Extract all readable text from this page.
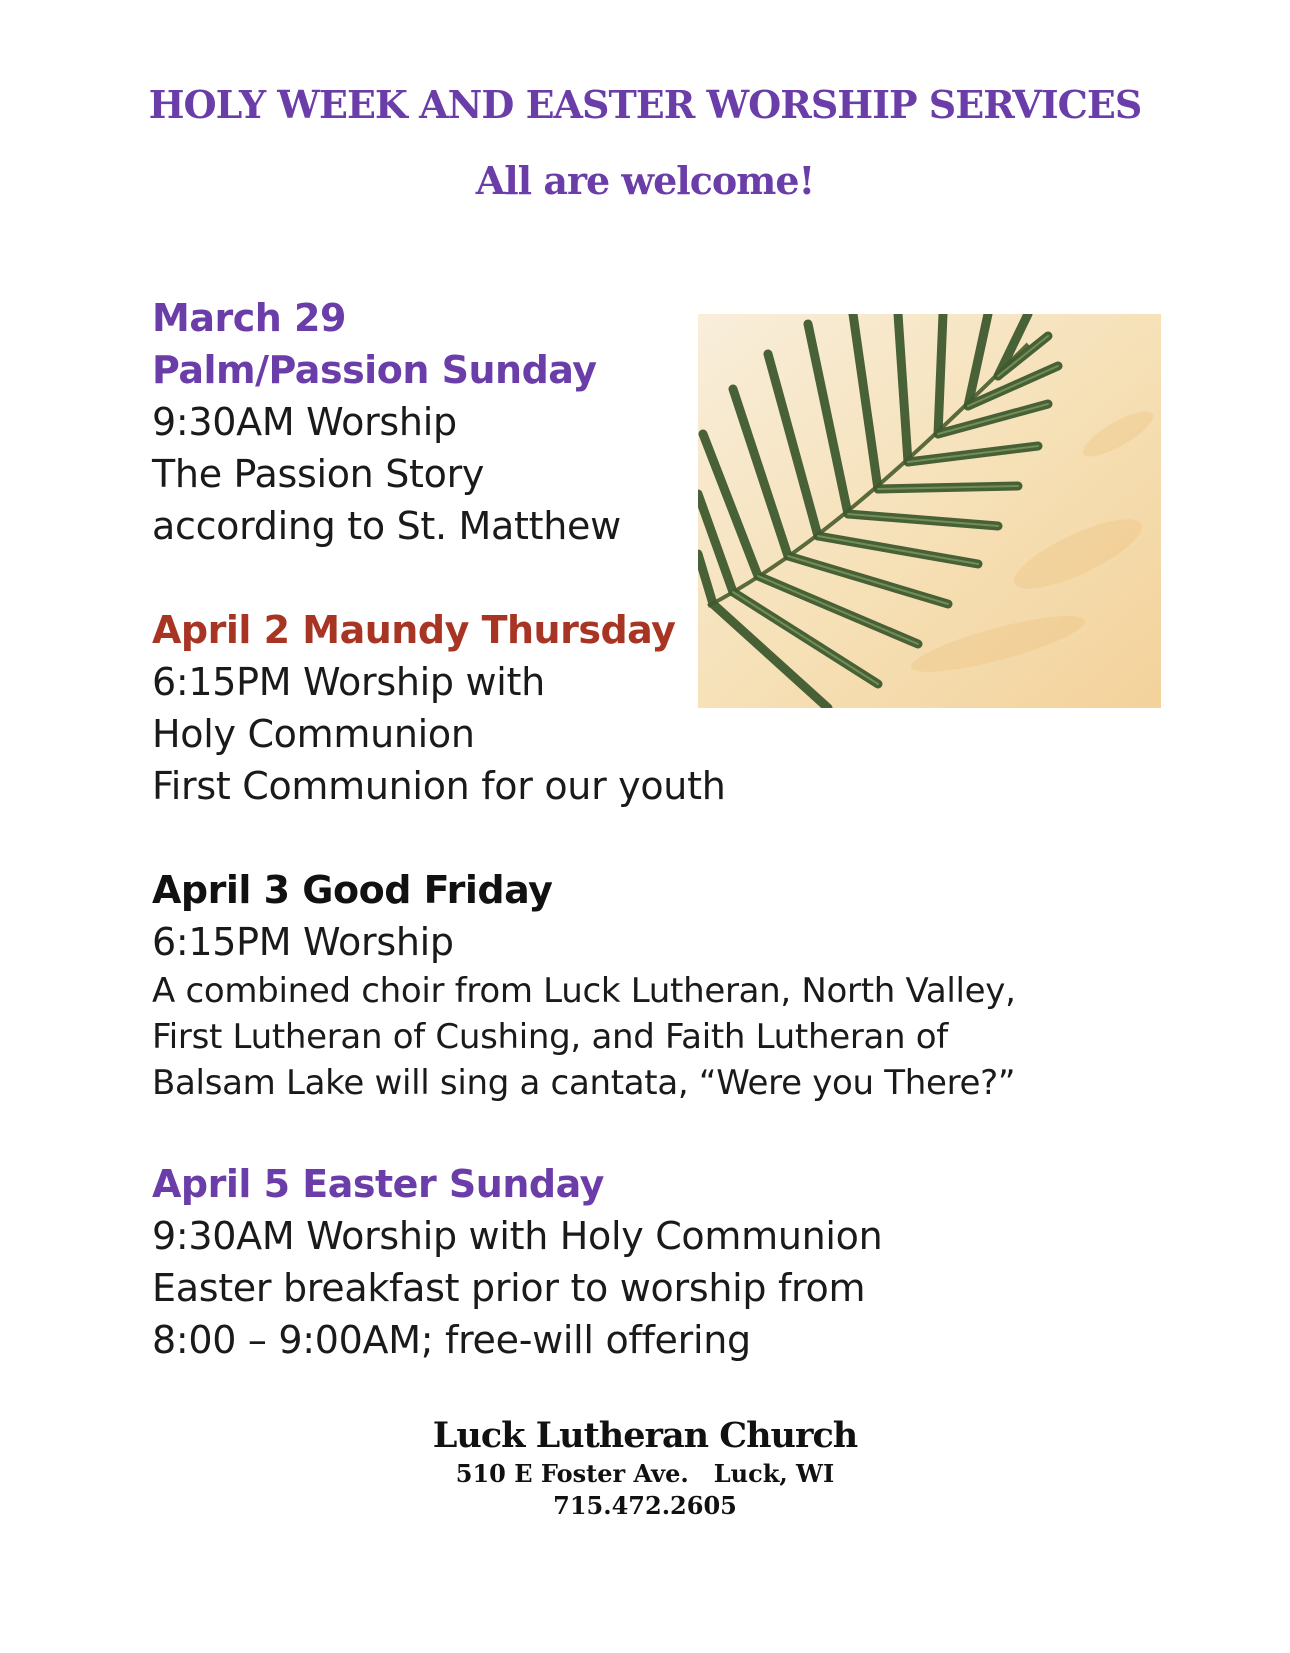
HOLY WEEK AND EASTER WORSHIP SERVICES
All are welcome!
March 29
Palm/Passion Sunday
9:30AM Worship
The Passion Story
according to St. Matthew
April 2 Maundy Thursday
6:15PM Worship with
Holy Communion
First Communion for our youth
April 3 Good Friday
6:15PM Worship
A combined choir from Luck Lutheran, North Valley,
First Lutheran of Cushing, and Faith Lutheran of
Balsam Lake will sing a cantata, “Were you There?”
April 5 Easter Sunday
9:30AM Worship with Holy Communion
Easter breakfast prior to worship from
8:00 – 9:00AM; free-will offering
Luck Lutheran Church
510 E Foster Ave.   Luck, WI
715.472.2605
